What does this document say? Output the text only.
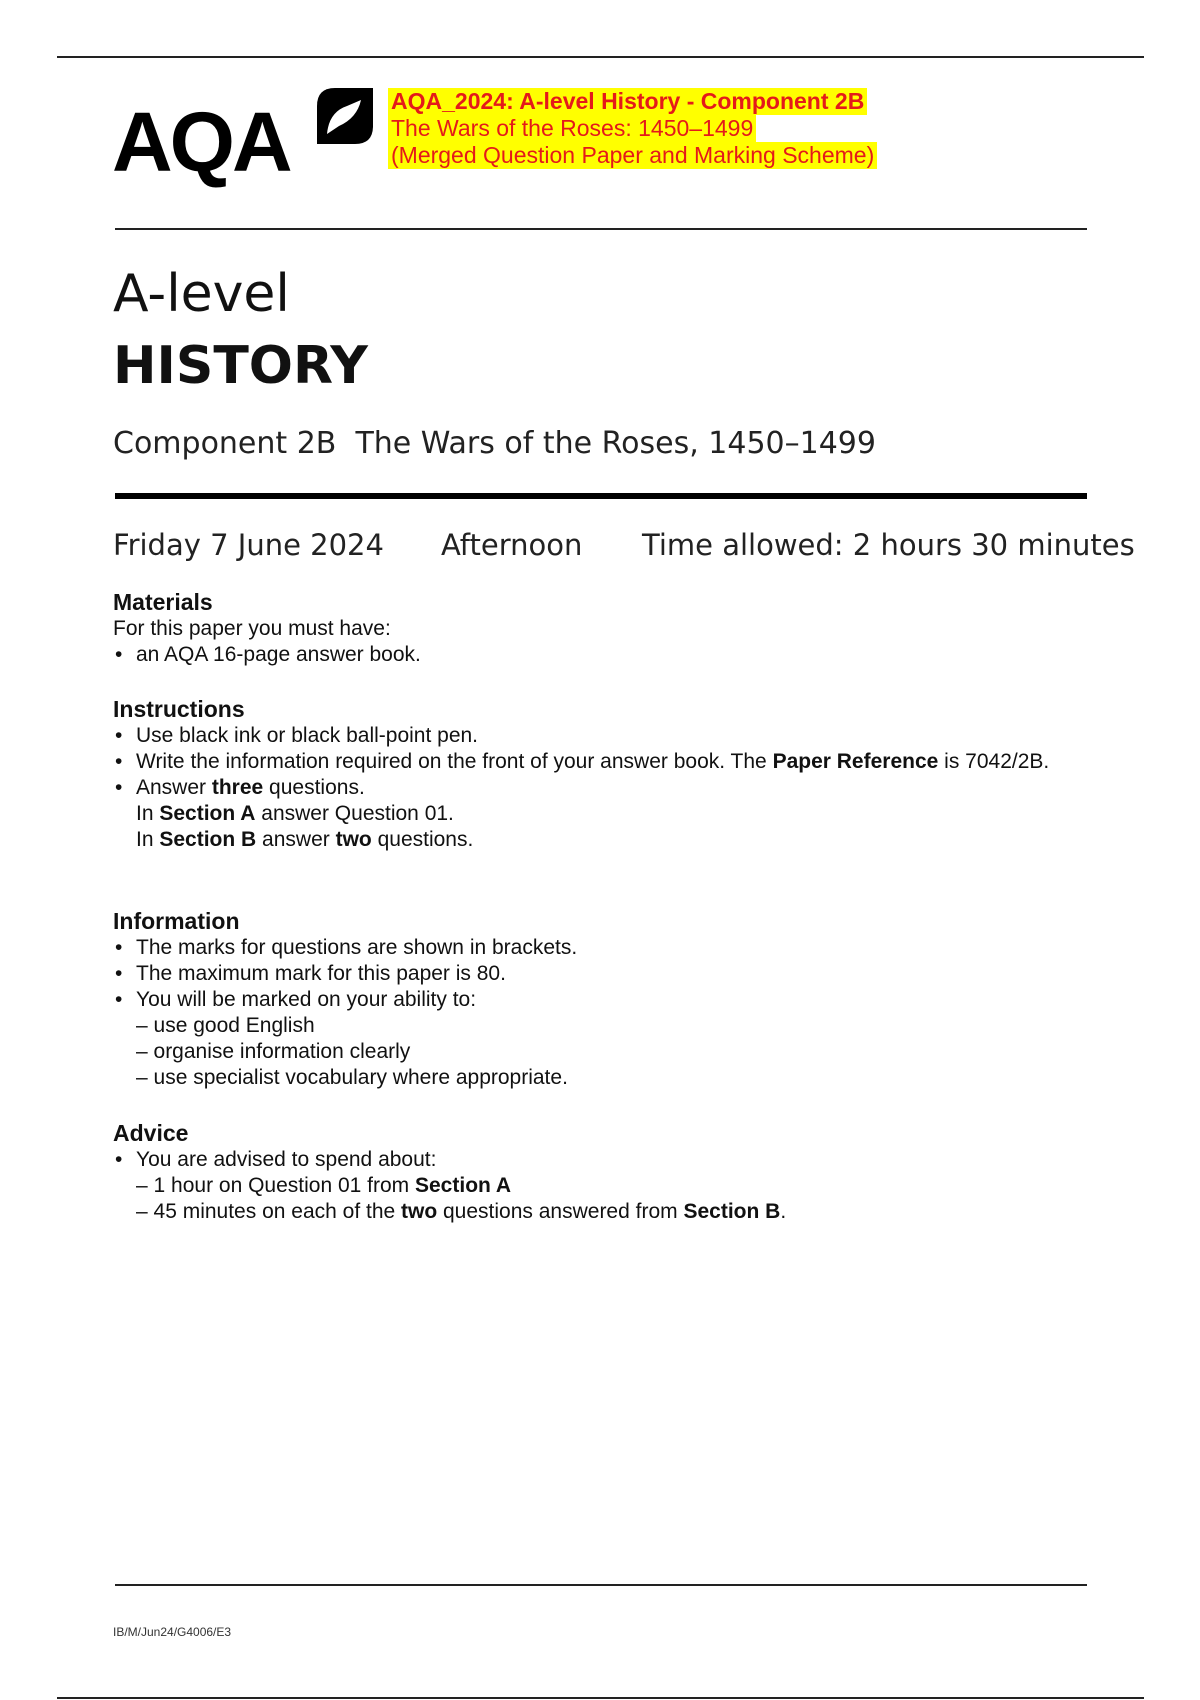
AQA	AQA_2024: A-level History - Component 2B
The Wars of the Roses: 1450–1499
(Merged Question Paper and Marking Scheme)
A-level
HISTORY
Component 2B  The Wars of the Roses, 1450–1499
Friday 7 June 2024 Afternoon Time allowed: 2 hours 30 minutes
Materials

For this paper you must have:

• an AQA 16-page answer book.
Instructions
• Use black ink or black ball-point pen.
• Write the information required on the front of your answer book. The Paper Reference is 7042/2B.
• Answer three questions.
In Section A answer Question 01.
In Section B answer two questions.
Information
• The marks for questions are shown in brackets.
• The maximum mark for this paper is 80.
• You will be marked on your ability to:
– use good English
– organise information clearly
– use specialist vocabulary where appropriate.
Advice
• You are advised to spend about:
– 1 hour on Question 01 from Section A
– 45 minutes on each of the two questions answered from Section B.
IB/M/Jun24/G4006/E3
